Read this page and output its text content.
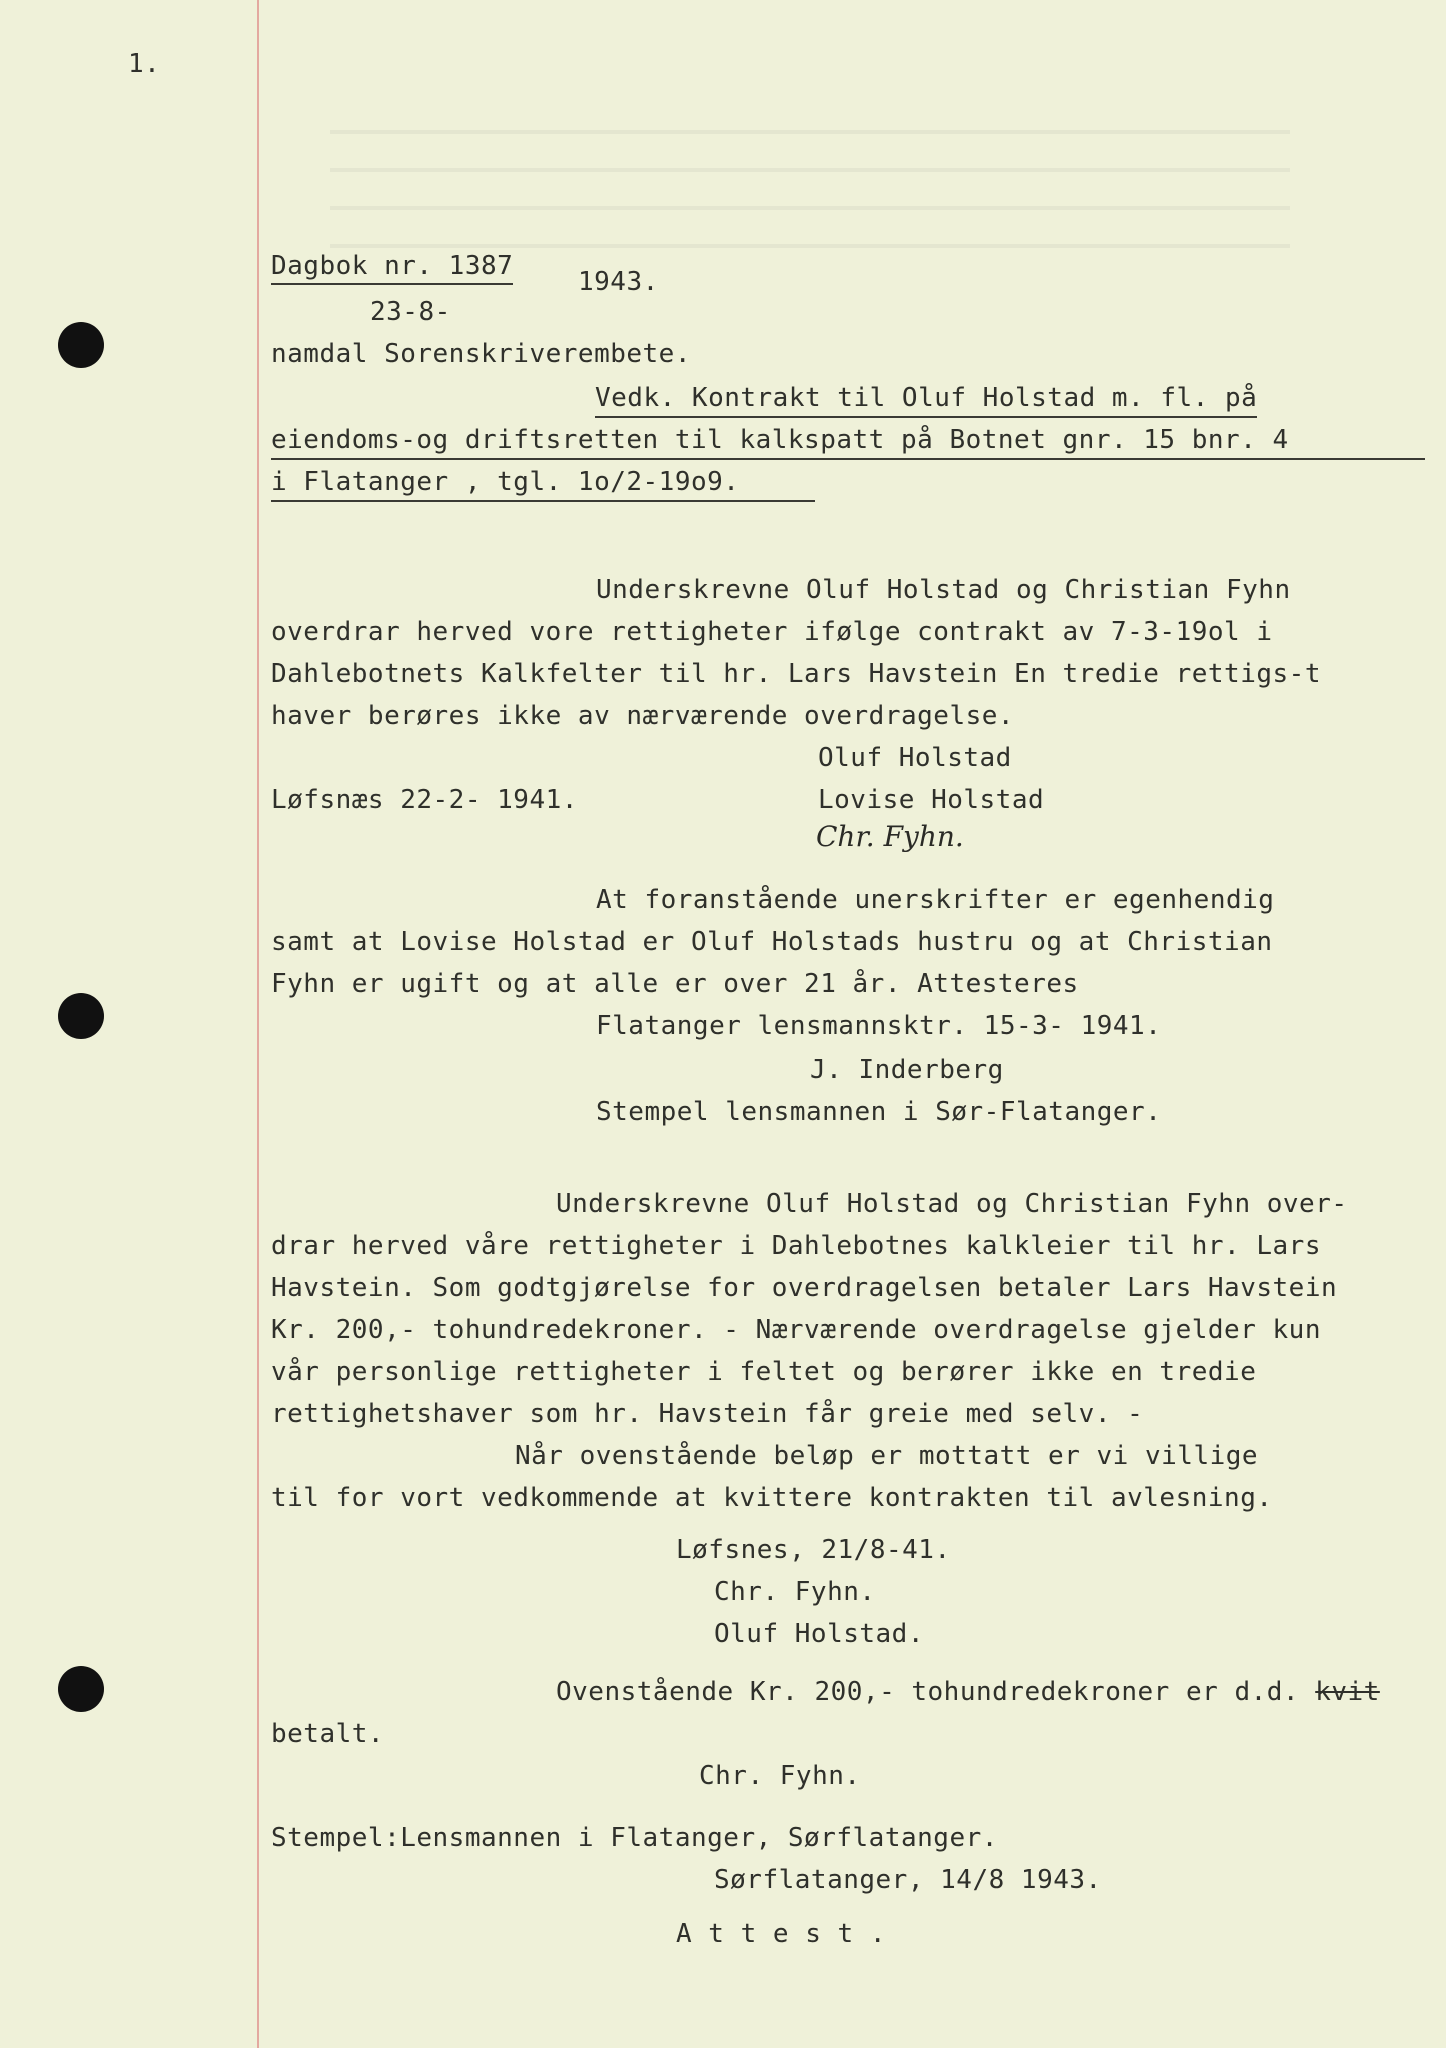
1.
Dagbok nr. 1387
1943.
23-8-
namdal Sorenskriverembete.
Vedk. Kontrakt til Oluf Holstad m. fl. på
eiendoms-og driftsretten til kalkspatt på Botnet gnr. 15 bnr. 4
i Flatanger , tgl. 1o/2-19o9.
Underskrevne Oluf Holstad og Christian Fyhn
overdrar herved vore rettigheter ifølge contrakt av 7-3-19ol i
Dahlebotnets Kalkfelter til hr. Lars Havstein En tredie rettigs-t
haver berøres ikke av nærværende overdragelse.
Oluf Holstad
Løfsnæs 22-2- 1941.	Lovise Holstad
Chr. Fyhn.
At foranstående unerskrifter er egenhendig
samt at Lovise Holstad er Oluf Holstads hustru og at Christian
Fyhn er ugift og at alle er over 21 år. Attesteres
Flatanger lensmannsktr. 15-3- 1941.
J. Inderberg
Stempel lensmannen i Sør-Flatanger.
Underskrevne Oluf Holstad og Christian Fyhn over-
drar herved våre rettigheter i Dahlebotnes kalkleier til hr. Lars
Havstein. Som godtgjørelse for overdragelsen betaler Lars Havstein
Kr. 200,- tohundredekroner. - Nærværende overdragelse gjelder kun
vår personlige rettigheter i feltet og berører ikke en tredie
rettighetshaver som hr. Havstein får greie med selv. -
Når ovenstående beløp er mottatt er vi villige
til for vort vedkommende at kvittere kontrakten til avlesning.
Løfsnes, 21/8-41.
Chr. Fyhn.
Oluf Holstad.
Ovenstående Kr. 200,- tohundredekroner er d.d. kvit
betalt.
Chr. Fyhn.
Stempel:Lensmannen i Flatanger, Sørflatanger.
Sørflatanger, 14/8 1943.
A t t e s t .
